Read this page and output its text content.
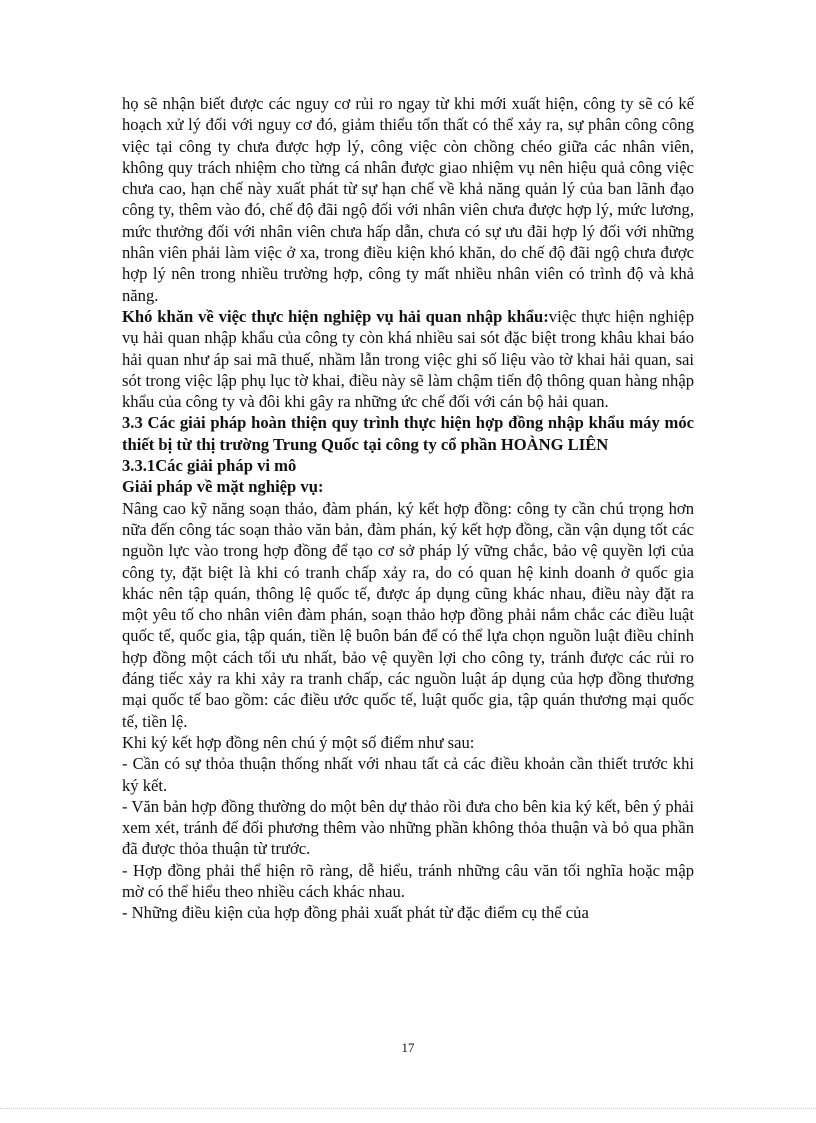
họ sẽ nhận biết được các nguy cơ rủi ro ngay từ khi mới xuất hiện, công ty sẽ có kế hoạch xử lý đối với nguy cơ đó, giảm thiểu tổn thất có thể xảy ra, sự phân công công việc tại công ty chưa được hợp lý, công việc còn chồng chéo giữa các nhân viên, không quy trách nhiệm cho từng cá nhân được giao nhiệm vụ nên hiệu quả công việc chưa cao, hạn chế này xuất phát từ sự hạn chế về khả năng quản lý của ban lãnh đạo công ty, thêm vào đó, chế độ đãi ngộ đối với nhân viên chưa được hợp lý, mức lương, mức thưởng đối với nhân viên chưa hấp dẫn, chưa có sự ưu đãi hợp lý đối với những nhân viên phải làm việc ở xa, trong điều kiện khó khăn, do chế độ đãi ngộ chưa được hợp lý nên trong nhiều trường hợp, công ty mất nhiều nhân viên có trình độ và khả năng.

Khó khăn về việc thực hiện nghiệp vụ hải quan nhập khẩu:việc thực hiện nghiệp vụ hải quan nhập khẩu của công ty còn khá nhiều sai sót đặc biệt trong khâu khai báo hải quan như áp sai mã thuế, nhầm lẫn trong việc ghi số liệu vào tờ khai hải quan, sai sót trong việc lập phụ lục tờ khai, điều này sẽ làm chậm tiến độ thông quan hàng nhập khẩu của công ty và đôi khi gây ra những ức chế đối với cán bộ hải quan.

3.3 Các giải pháp hoàn thiện quy trình thực hiện hợp đồng nhập khẩu máy móc thiết bị từ thị trường Trung Quốc tại công ty cổ phần HOÀNG LIÊN

3.3.1Các giải pháp vi mô

Giải pháp về mặt nghiệp vụ:

Nâng cao kỹ năng soạn thảo, đàm phán, ký kết hợp đồng: công ty cần chú trọng hơn nữa đến công tác soạn thảo văn bản, đàm phán, ký kết hợp đồng, cần vận dụng tốt các nguồn lực vào trong hợp đồng để tạo cơ sở pháp lý vững chắc, bảo vệ quyền lợi của công ty, đặt biệt là khi có tranh chấp xảy ra, do có quan hệ kinh doanh ở quốc gia khác nên tập quán, thông lệ quốc tế, được áp dụng cũng khác nhau, điều này đặt ra một yêu tố cho nhân viên đàm phán, soạn thảo hợp đồng phải nắm chắc các điều luật quốc tế, quốc gia, tập quán, tiền lệ buôn bán để có thể lựa chọn nguồn luật điều chỉnh hợp đồng một cách tối ưu nhất, bảo vệ quyền lợi cho công ty, tránh được các rủi ro đáng tiếc xảy ra khi xảy ra tranh chấp, các nguồn luật áp dụng của hợp đồng thương mại quốc tế bao gồm: các điều ước quốc tế, luật quốc gia, tập quán thương mại quốc tế, tiền lệ.

Khi ký kết hợp đồng nên chú ý một số điểm như sau:

- Cần có sự thỏa thuận thống nhất với nhau tất cả các điều khoản cần thiết trước khi ký kết.

- Văn bản hợp đồng thường do một bên dự thảo rồi đưa cho bên kia ký kết, bên ý phải xem xét, tránh để đối phương thêm vào những phần không thỏa thuận và bỏ qua phần đã được thỏa thuận từ trước.

- Hợp đồng phải thể hiện rõ ràng, dễ hiểu, tránh những câu văn tối nghĩa hoặc mập mờ có thể hiểu theo nhiều cách khác nhau.

- Những điều kiện của hợp đồng phải xuất phát từ đặc điểm cụ thể của

17
